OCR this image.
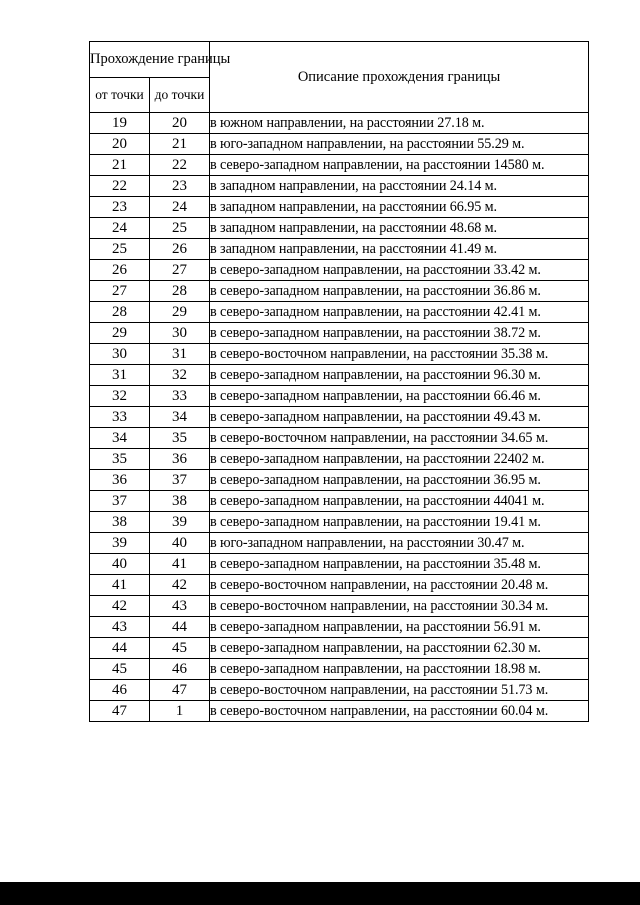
Прохождение границы		Описание прохождения границы
от точки	до точки	
19	20	в южном направлении, на расстоянии 27.18 м.
20	21	в юго-западном направлении, на расстоянии 55.29 м.
21	22	в северо-западном направлении, на расстоянии 14580 м.
22	23	в западном направлении, на расстоянии 24.14 м.
23	24	в западном направлении, на расстоянии 66.95 м.
24	25	в западном направлении, на расстоянии 48.68 м.
25	26	в западном направлении, на расстоянии 41.49 м.
26	27	в северо-западном направлении, на расстоянии 33.42 м.
27	28	в северо-западном направлении, на расстоянии 36.86 м.
28	29	в северо-западном направлении, на расстоянии 42.41 м.
29	30	в северо-западном направлении, на расстоянии 38.72 м.
30	31	в северо-восточном направлении, на расстоянии 35.38 м.
31	32	в северо-западном направлении, на расстоянии 96.30 м.
32	33	в северо-западном направлении, на расстоянии 66.46 м.
33	34	в северо-западном направлении, на расстоянии 49.43 м.
34	35	в северо-восточном направлении, на расстоянии 34.65 м.
35	36	в северо-западном направлении, на расстоянии 22402 м.
36	37	в северо-западном направлении, на расстоянии 36.95 м.
37	38	в северо-западном направлении, на расстоянии 44041 м.
38	39	в северо-западном направлении, на расстоянии 19.41 м.
39	40	в юго-западном направлении, на расстоянии 30.47 м.
40	41	в северо-западном направлении, на расстоянии 35.48 м.
41	42	в северо-восточном направлении, на расстоянии 20.48 м.
42	43	в северо-восточном направлении, на расстоянии 30.34 м.
43	44	в северо-западном направлении, на расстоянии 56.91 м.
44	45	в северо-западном направлении, на расстоянии 62.30 м.
45	46	в северо-западном направлении, на расстоянии 18.98 м.
46	47	в северо-восточном направлении, на расстоянии 51.73 м.
47	1	в северо-восточном направлении, на расстоянии 60.04 м.
